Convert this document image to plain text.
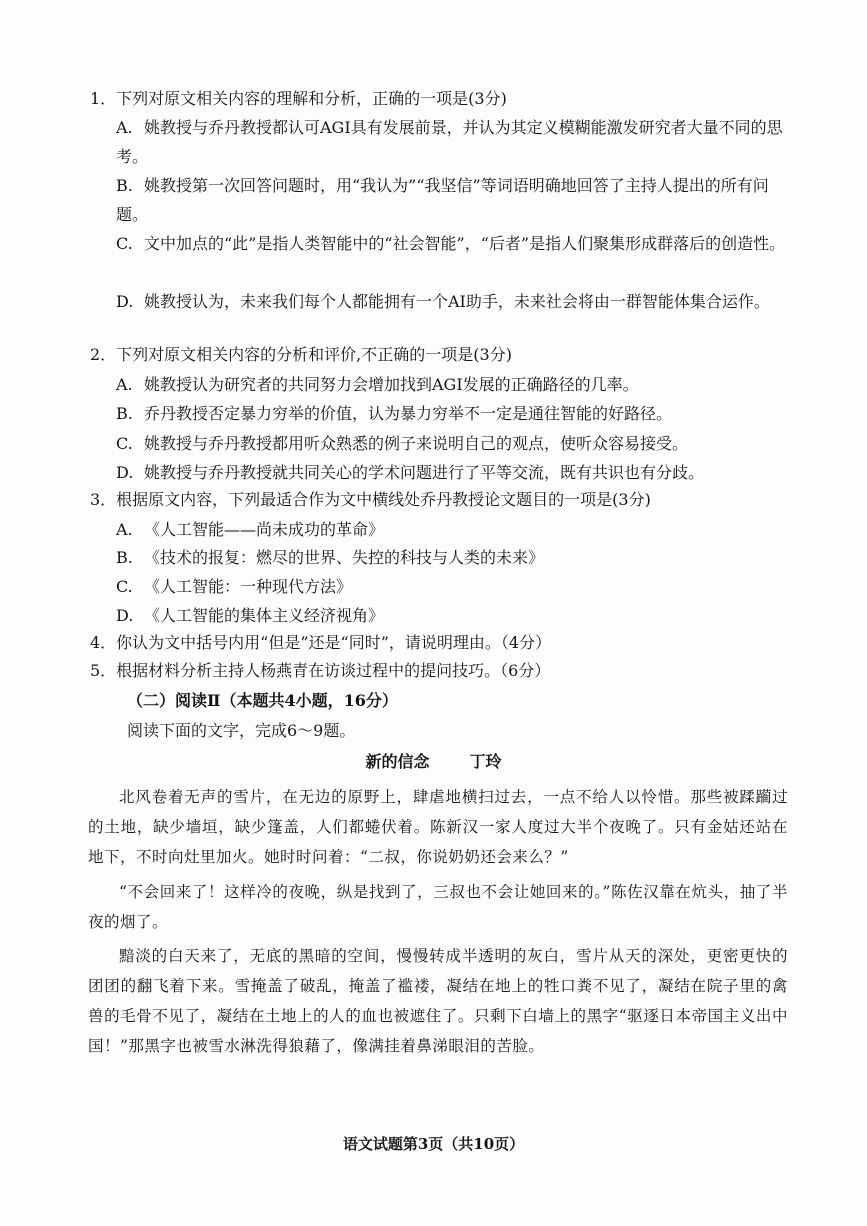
1．下列对原文相关内容的理解和分析，正确的一项是(3分)
A. 姚教授与乔丹教授都认可AGI具有发展前景，并认为其定义模糊能激发研究者大量不同的思考。
B. 姚教授第一次回答问题时，用“我认为”“我坚信”等词语明确地回答了主持人提出的所有问题。
C. 文中加点的“此”是指人类智能中的“社会智能”，“后者”是指人们聚集形成群落后的创造性。
D. 姚教授认为，未来我们每个人都能拥有一个AI助手，未来社会将由一群智能体集合运作。
2．下列对原文相关内容的分析和评价,不正确的一项是(3分)
A. 姚教授认为研究者的共同努力会增加找到AGI发展的正确路径的几率。
B. 乔丹教授否定暴力穷举的价值，认为暴力穷举不一定是通往智能的好路径。
C. 姚教授与乔丹教授都用听众熟悉的例子来说明自己的观点，使听众容易接受。
D. 姚教授与乔丹教授就共同关心的学术问题进行了平等交流，既有共识也有分歧。
3．根据原文内容，下列最适合作为文中横线处乔丹教授论文题目的一项是(3分)
A. 《人工智能——尚未成功的革命》
B. 《技术的报复：燃尽的世界、失控的科技与人类的未来》
C. 《人工智能：一种现代方法》
D. 《人工智能的集体主义经济视角》
4．你认为文中括号内用“但是”还是“同时”，请说明理由。（4分）
5．根据材料分析主持人杨燕青在访谈过程中的提问技巧。（6分）
（二）阅读Ⅱ（本题共4小题，16分）
阅读下面的文字，完成6～9题。
新的信念	丁玲
北风卷着无声的雪片，在无边的原野上，肆虐地横扫过去，一点不给人以怜惜。那些被蹂躏过的土地，缺少墙垣，缺少篷盖，人们都蜷伏着。陈新汉一家人度过大半个夜晚了。只有金姑还站在地下，不时向灶里加火。她时时问着：“二叔，你说奶奶还会来么？”
“不会回来了！这样冷的夜晚，纵是找到了，三叔也不会让她回来的。”陈佐汉靠在炕头，抽了半夜的烟了。
黯淡的白天来了，无底的黑暗的空间，慢慢转成半透明的灰白，雪片从天的深处，更密更快的团团的翻飞着下来。雪掩盖了破乱，掩盖了褴褛，凝结在地上的牲口粪不见了，凝结在院子里的禽兽的毛骨不见了，凝结在土地上的人的血也被遮住了。只剩下白墙上的黑字“驱逐日本帝国主义出中国！”那黑字也被雪水淋洗得狼藉了，像满挂着鼻涕眼泪的苦脸。
语文试题第3页（共10页）
